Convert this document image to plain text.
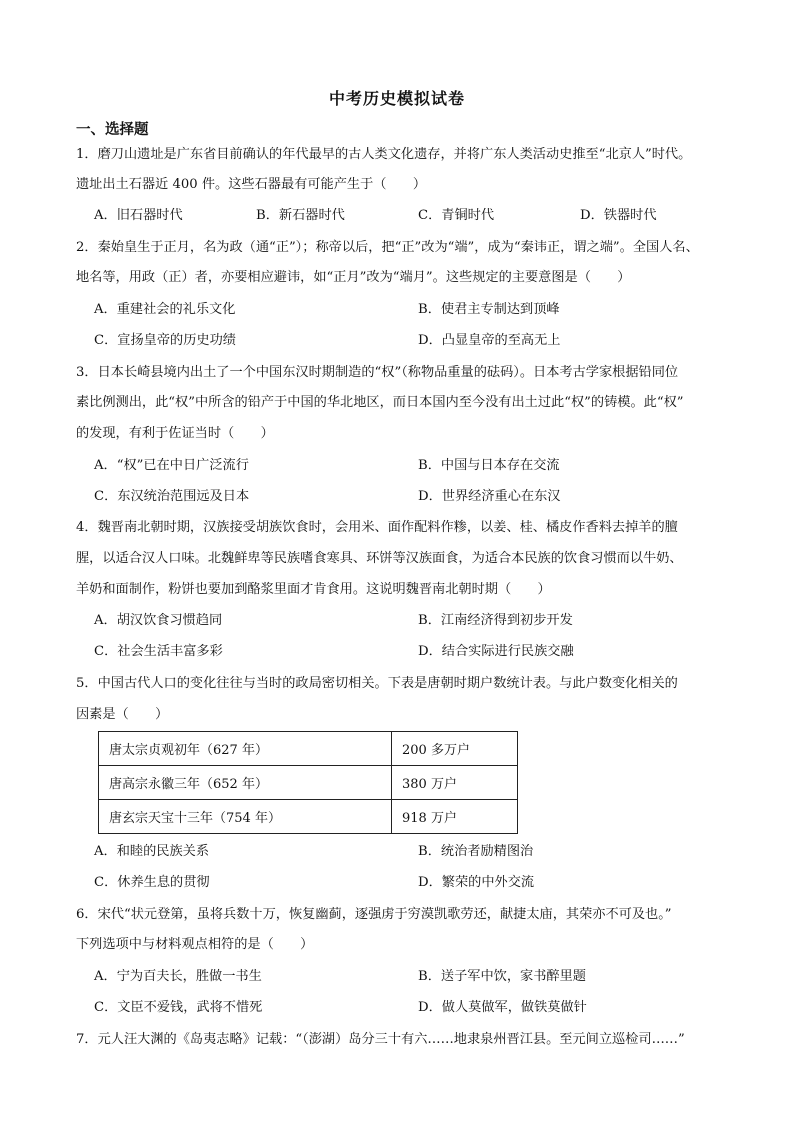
中考历史模拟试卷
一、选择题
1．磨刀山遗址是广东省目前确认的年代最早的古人类文化遗存，并将广东人类活动史推至“北京人”时代。
遗址出土石器近 400 件。这些石器最有可能产生于（　　）
A．旧石器时代	B．新石器时代	C．青铜时代	D．铁器时代
2．秦始皇生于正月，名为政（通“正”）；称帝以后，把“正”改为“端”，成为“秦讳正，谓之端”。全国人名、
地名等，用政（正）者，亦要相应避讳，如“正月”改为“端月”。这些规定的主要意图是（　　）
A．重建社会的礼乐文化	B．使君主专制达到顶峰
C．宣扬皇帝的历史功绩	D．凸显皇帝的至高无上
3．日本长崎县境内出土了一个中国东汉时期制造的“权”（称物品重量的砝码）。日本考古学家根据铅同位
素比例测出，此“权”中所含的铅产于中国的华北地区，而日本国内至今没有出土过此“权”的铸模。此“权”
的发现，有利于佐证当时（　　）
A．“权”已在中日广泛流行	B．中国与日本存在交流
C．东汉统治范围远及日本	D．世界经济重心在东汉
4．魏晋南北朝时期，汉族接受胡族饮食时，会用米、面作配料作糁，以姜、桂、橘皮作香料去掉羊的膻
腥，以适合汉人口味。北魏鲜卑等民族嗜食寒具、环饼等汉族面食，为适合本民族的饮食习惯而以牛奶、
羊奶和面制作，粉饼也要加到酪浆里面才肯食用。这说明魏晋南北朝时期（　　）
A．胡汉饮食习惯趋同	B．江南经济得到初步开发
C．社会生活丰富多彩	D．结合实际进行民族交融
5．中国古代人口的变化往往与当时的政局密切相关。下表是唐朝时期户数统计表。与此户数变化相关的
因素是（　　）
唐太宗贞观初年（627 年）	200 多万户
唐高宗永徽三年（652 年）	380 万户
唐玄宗天宝十三年（754 年）	918 万户
A．和睦的民族关系	B．统治者励精图治
C．休养生息的贯彻	D．繁荣的中外交流
6．宋代“状元登第，虽将兵数十万，恢复幽蓟，逐强虏于穷漠凯歌劳还，献捷太庙，其荣亦不可及也。”
下列选项中与材料观点相符的是（　　）
A．宁为百夫长，胜做一书生	B．送子军中饮，家书醉里题
C．文臣不爱钱，武将不惜死	D．做人莫做军，做铁莫做针
7．元人汪大渊的《岛夷志略》记载：“（澎湖）岛分三十有六……地隶泉州晋江县。至元间立巡检司……”
